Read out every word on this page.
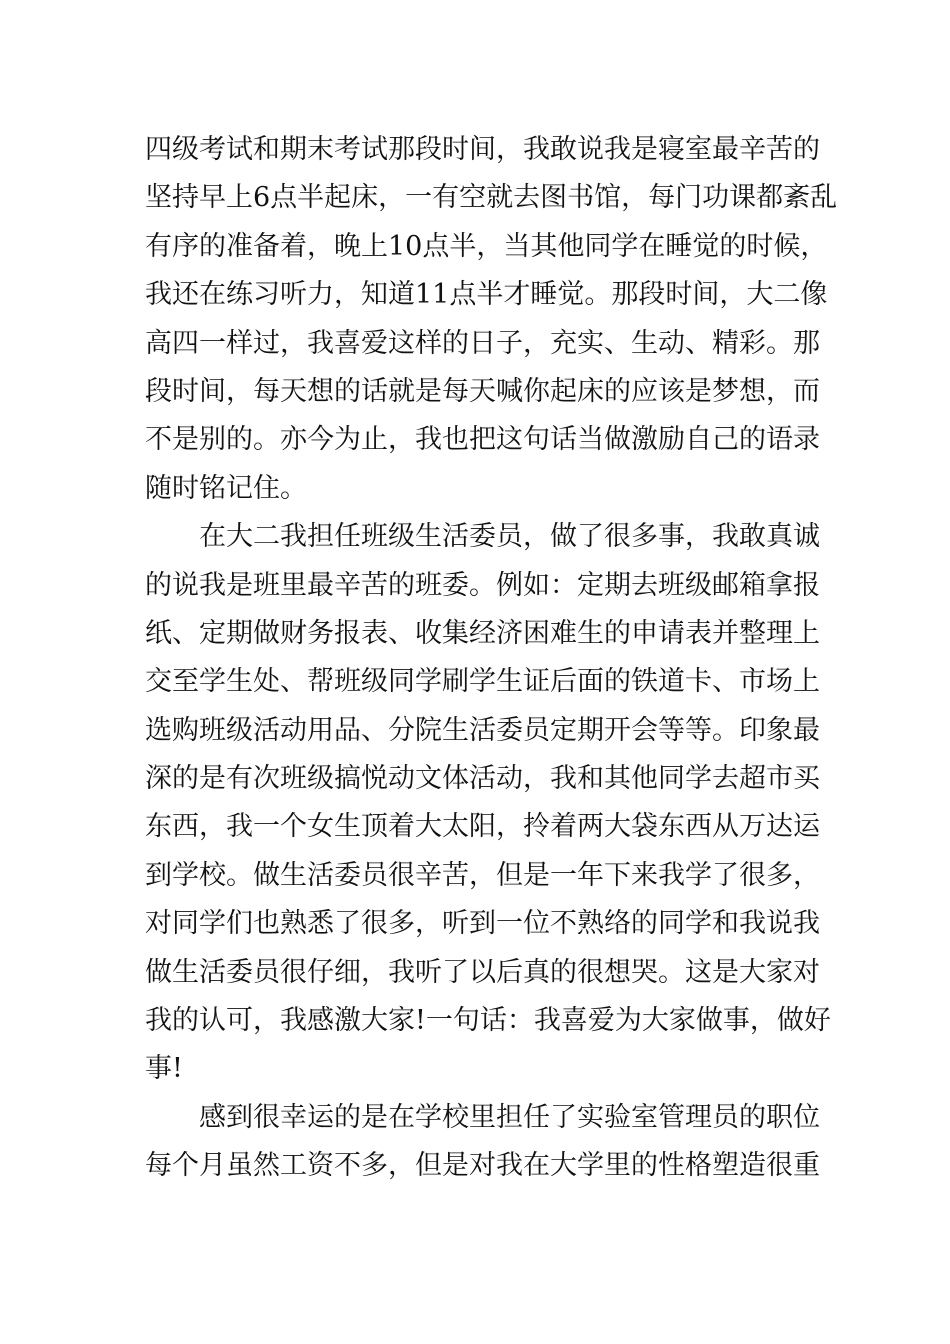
四级考试和期末考试那段时间，我敢说我是寝室最辛苦的
坚持早上6点半起床，一有空就去图书馆，每门功课都紊乱
有序的准备着，晚上10点半，当其他同学在睡觉的时候，
我还在练习听力，知道11点半才睡觉。那段时间，大二像
高四一样过，我喜爱这样的日子，充实、生动、精彩。那
段时间，每天想的话就是每天喊你起床的应该是梦想，而
不是别的。亦今为止，我也把这句话当做激励自己的语录
随时铭记住。
在大二我担任班级生活委员，做了很多事，我敢真诚
的说我是班里最辛苦的班委。例如：定期去班级邮箱拿报
纸、定期做财务报表、收集经济困难生的申请表并整理上
交至学生处、帮班级同学刷学生证后面的铁道卡、市场上
选购班级活动用品、分院生活委员定期开会等等。印象最
深的是有次班级搞悦动文体活动，我和其他同学去超市买
东西，我一个女生顶着大太阳，拎着两大袋东西从万达运
到学校。做生活委员很辛苦，但是一年下来我学了很多，
对同学们也熟悉了很多，听到一位不熟络的同学和我说我
做生活委员很仔细，我听了以后真的很想哭。这是大家对
我的认可，我感激大家!一句话：我喜爱为大家做事，做好
事!
感到很幸运的是在学校里担任了实验室管理员的职位
每个月虽然工资不多，但是对我在大学里的性格塑造很重
